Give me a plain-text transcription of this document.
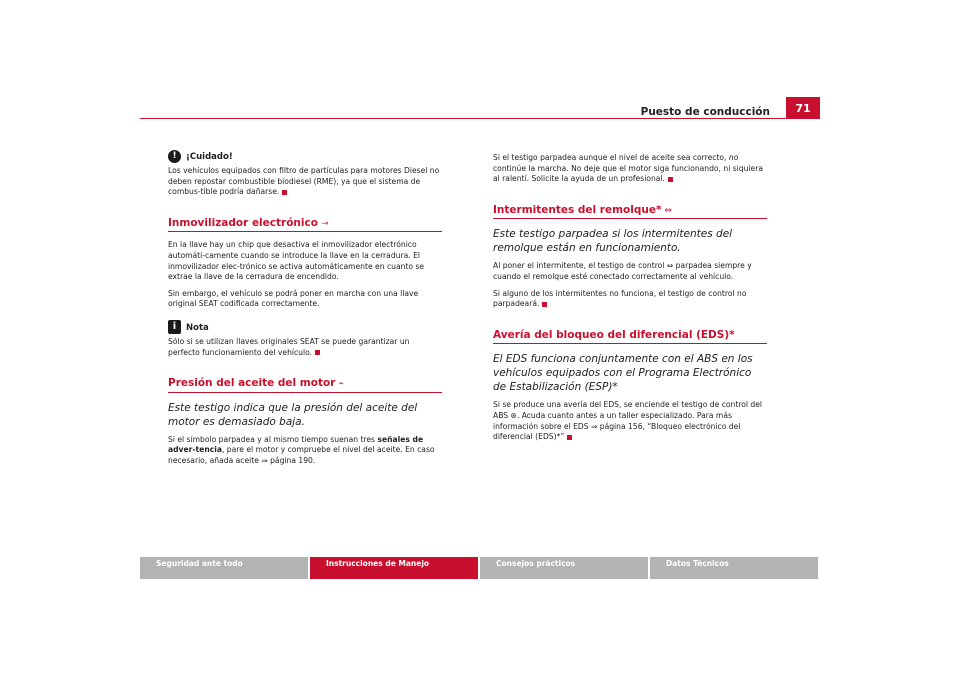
Puesto de conducción	71
!	¡Cuidado!

Los vehículos equipados con filtro de partículas para motores Diesel no deben repostar combustible biodiesel (RME), ya que el sistema de combus-tible podría dañarse.

Inmovilizador electrónico ⊸

En la llave hay un chip que desactiva el inmovilizador electrónico automáti-camente cuando se introduce la llave en la cerradura. El inmovilizador elec-trónico se activa automáticamente en cuanto se extrae la llave de la cerradura de encendido.

Sin embargo, el vehículo se podrá poner en marcha con una llave original SEAT codificada correctamente.

i	Nota

Sólo si se utilizan llaves originales SEAT se puede garantizar un perfecto funcionamiento del vehículo.

Presión del aceite del motor ⌁

Este testigo indica que la presión del aceite del motor es demasiado baja.

Si el símbolo parpadea y al mismo tiempo suenan tres señales de adver-tencia, pare el motor y compruebe el nivel del aceite. En caso necesario, añada aceite ⇒ página 190.

Si el testigo parpadea aunque el nivel de aceite sea correcto, no continúe la marcha. No deje que el motor siga funcionando, ni siquiera al ralentí. Solicite la ayuda de un profesional.

Intermitentes del remolque* ⇔

Este testigo parpadea si los intermitentes del remolque están en funcionamiento.

Al poner el intermitente, el testigo de control ⇔ parpadea siempre y cuando el remolque esté conectado correctamente al vehículo.

Si alguno de los intermitentes no funciona, el testigo de control no parpadeará.

Avería del bloqueo del diferencial (EDS)*

El EDS funciona conjuntamente con el ABS en los vehículos equipados con el Programa Electrónico de Estabilización (ESP)*

Si se produce una avería del EDS, se enciende el testigo de control del ABS ⊛. Acuda cuanto antes a un taller especializado. Para más información sobre el EDS ⇒ página 156, “Bloqueo electrónico del diferencial (EDS)*”

Seguridad ante todo	Instrucciones de Manejo	Consejos prácticos	Datos Técnicos
